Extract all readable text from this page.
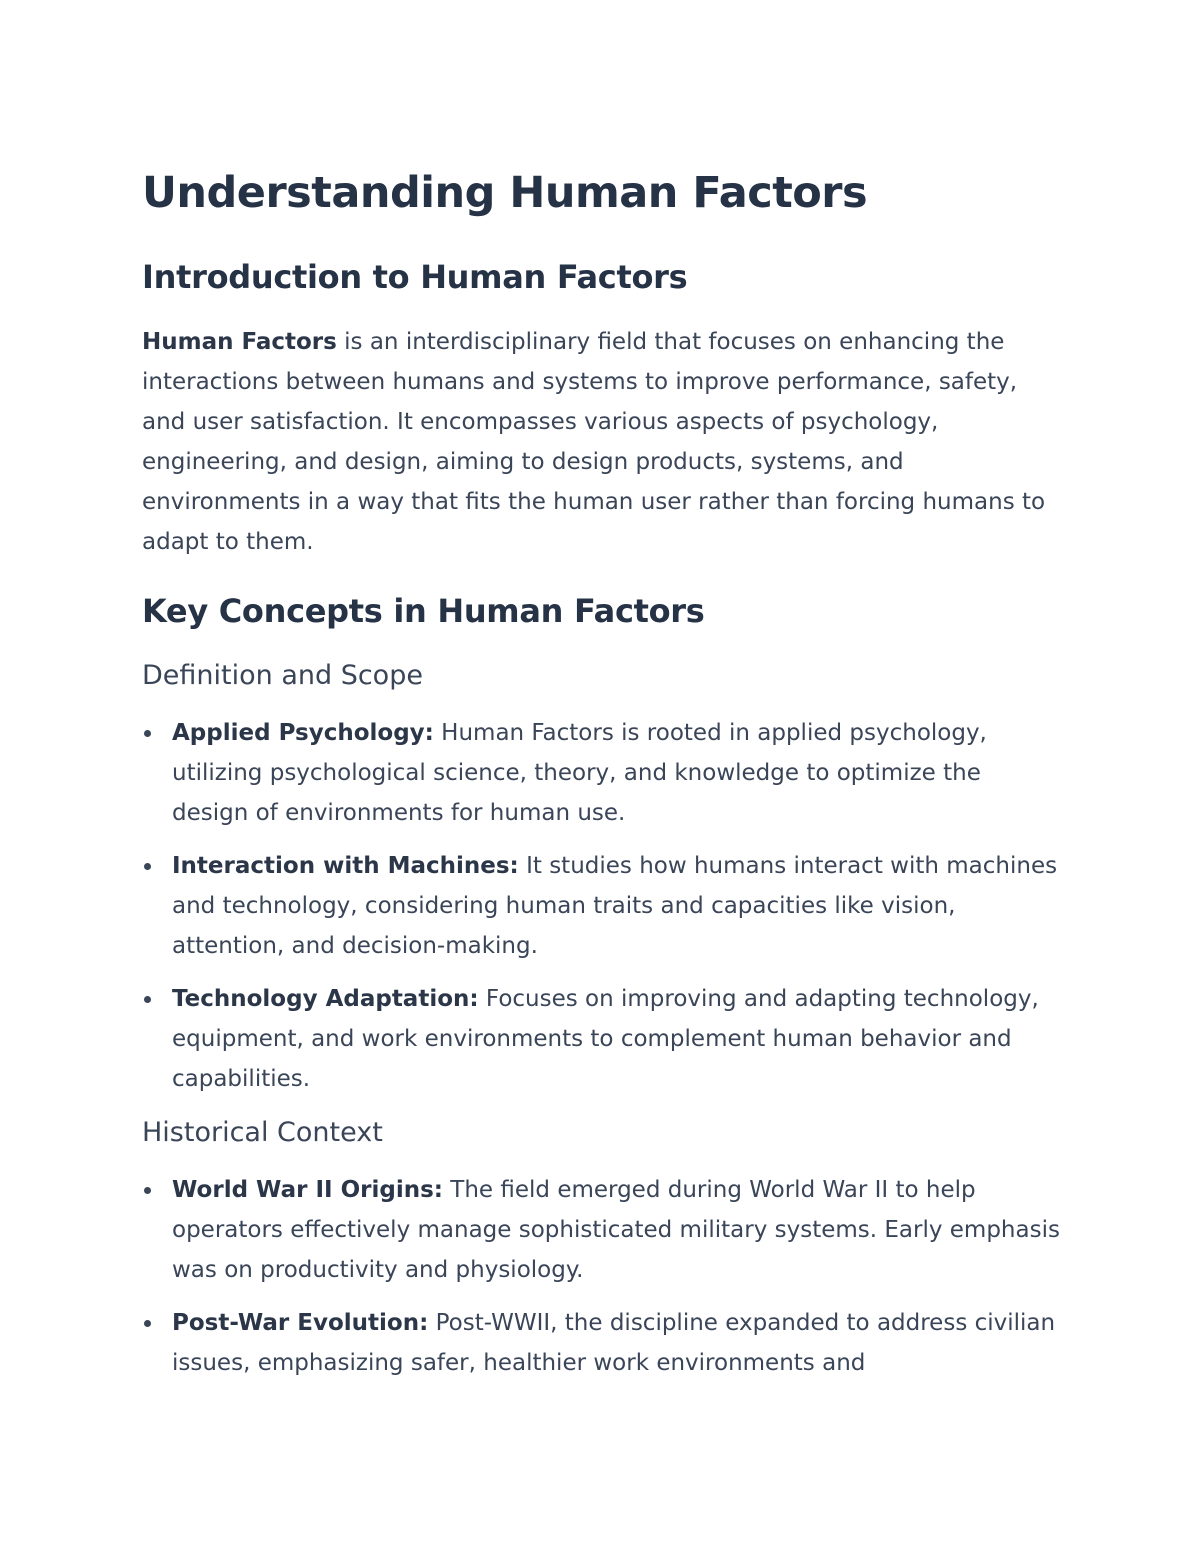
Understanding Human Factors
Introduction to Human Factors

Human Factors is an interdisciplinary field that focuses on enhancing the interactions between humans and systems to improve performance, safety, and user satisfaction. It encompasses various aspects of psychology, engineering, and design, aiming to design products, systems, and environments in a way that fits the human user rather than forcing humans to adapt to them.

Key Concepts in Human Factors
Definition and Scope
Applied Psychology: Human Factors is rooted in applied psychology, utilizing psychological science, theory, and knowledge to optimize the design of environments for human use.
Interaction with Machines: It studies how humans interact with machines and technology, considering human traits and capacities like vision, attention, and decision-making.
Technology Adaptation: Focuses on improving and adapting technology, equipment, and work environments to complement human behavior and capabilities.
Historical Context
World War II Origins: The field emerged during World War II to help operators effectively manage sophisticated military systems. Early emphasis was on productivity and physiology.
Post-War Evolution: Post-WWII, the discipline expanded to address civilian issues, emphasizing safer, healthier work environments and
